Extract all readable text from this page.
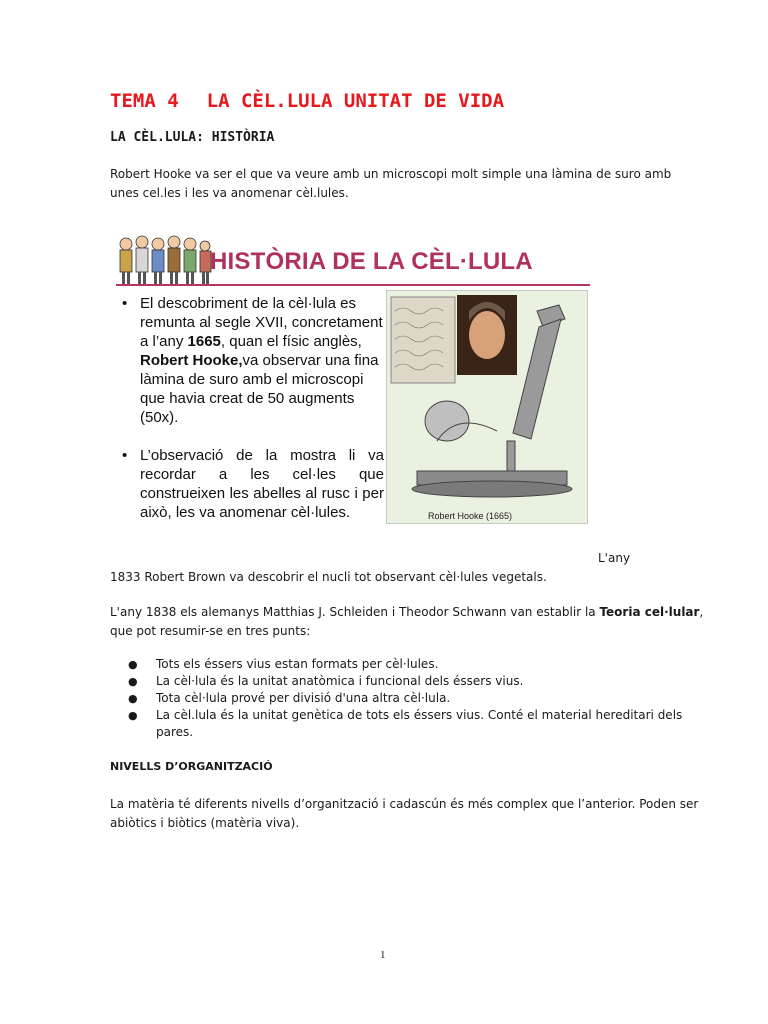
TEMA 4 LA CÈL.LULA UNITAT DE VIDA
LA CÈL.LULA: HISTÒRIA
Robert Hooke va ser el que va veure amb un microscopi molt simple una làmina de suro amb unes cel.les i les va anomenar cèl.lules.
HISTÒRIA DE LA CÈL·LULA
• El descobriment de la cèl·lula es remunta al segle XVII, concretament a l’any 1665, quan el físic anglès, Robert Hooke,va observar una fina làmina de suro amb el microscopi que havia creat de 50 augments (50x).
• L’observació de la mostra li va recordar a les cel·les que construeixen les abelles al rusc i per això, les va anomenar cèl·lules.	Robert Hooke (1665)
L'any
1833 Robert Brown va descobrir el nucli tot observant cèl·lules vegetals.
L'any 1838 els alemanys Matthias J. Schleiden i Theodor Schwann van establir la Teoria cel·lular, que pot resumir-se en tres punts:
● Tots els éssers vius estan formats per cèl·lules.
● La cèl·lula és la unitat anatòmica i funcional dels éssers vius.
● Tota cèl·lula prové per divisió d'una altra cèl·lula.
● La cèl.lula és la unitat genètica de tots els éssers vius. Conté el material hereditari dels pares.
NIVELLS D’ORGANITZACIÓ
La matèria té diferents nivells d’organització i cadascún és més complex que l’anterior. Poden ser abiòtics i biòtics (matèria viva).
1
